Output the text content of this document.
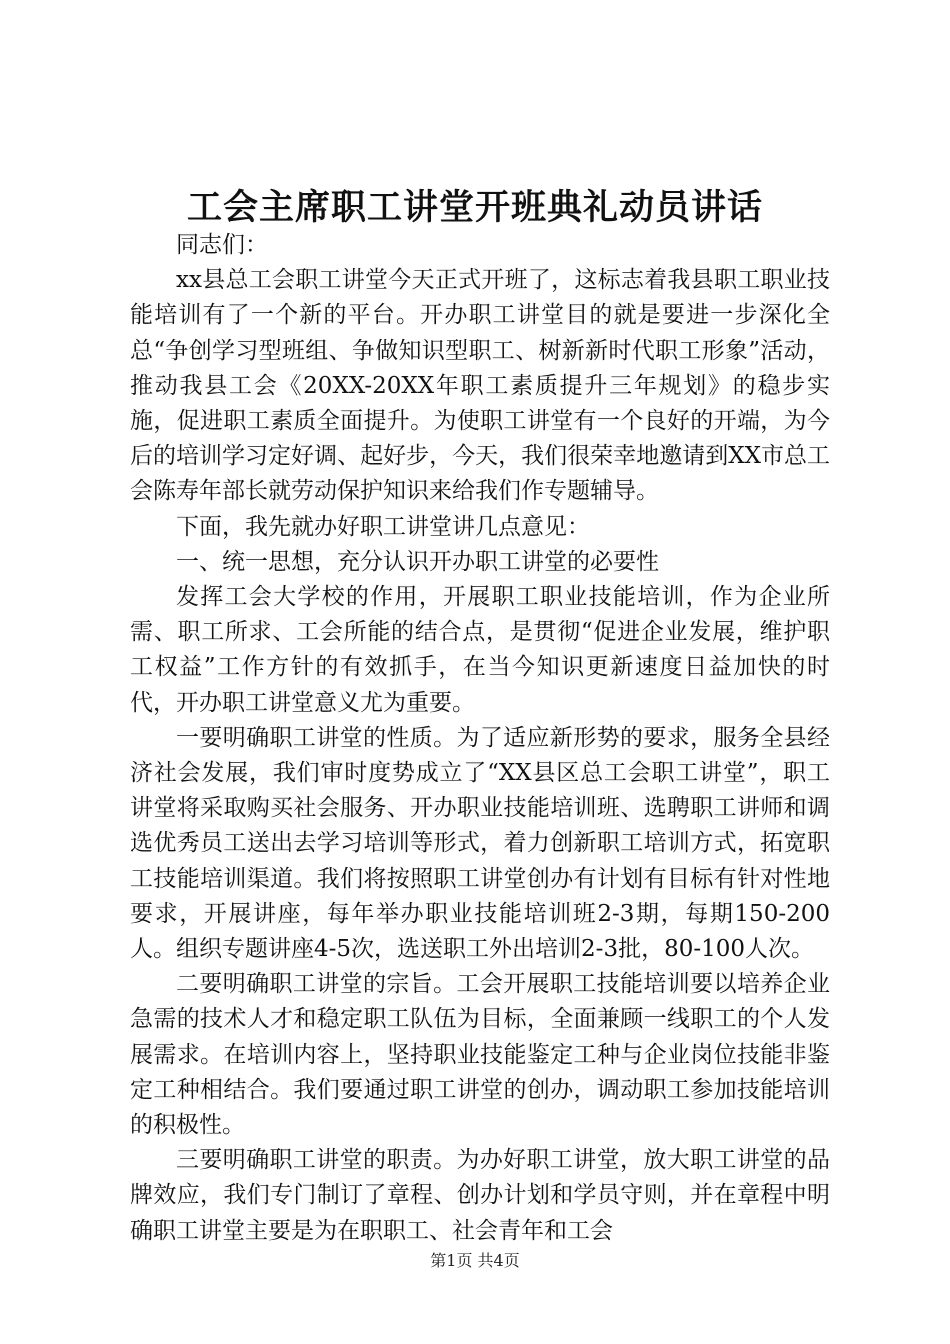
工会主席职工讲堂开班典礼动员讲话

同志们：

xx县总工会职工讲堂今天正式开班了，这标志着我县职工职业技能培训有了一个新的平台。开办职工讲堂目的就是要进一步深化全总“争创学习型班组、争做知识型职工、树新新时代职工形象”活动，推动我县工会《20XX-20XX年职工素质提升三年规划》的稳步实施，促进职工素质全面提升。为使职工讲堂有一个良好的开端，为今后的培训学习定好调、起好步，今天，我们很荣幸地邀请到XX市总工会陈寿年部长就劳动保护知识来给我们作专题辅导。

下面，我先就办好职工讲堂讲几点意见：

一、统一思想，充分认识开办职工讲堂的必要性

发挥工会大学校的作用，开展职工职业技能培训，作为企业所需、职工所求、工会所能的结合点，是贯彻“促进企业发展，维护职工权益”工作方针的有效抓手，在当今知识更新速度日益加快的时代，开办职工讲堂意义尤为重要。

一要明确职工讲堂的性质。为了适应新形势的要求，服务全县经济社会发展，我们审时度势成立了“XX县区总工会职工讲堂”，职工讲堂将采取购买社会服务、开办职业技能培训班、选聘职工讲师和调选优秀员工送出去学习培训等形式，着力创新职工培训方式，拓宽职工技能培训渠道。我们将按照职工讲堂创办有计划有目标有针对性地要求，开展讲座，每年举办职业技能培训班2-3期，每期150-200人。组织专题讲座4-5次，选送职工外出培训2-3批，80-100人次。

二要明确职工讲堂的宗旨。工会开展职工技能培训要以培养企业急需的技术人才和稳定职工队伍为目标，全面兼顾一线职工的个人发展需求。在培训内容上，坚持职业技能鉴定工种与企业岗位技能非鉴定工种相结合。我们要通过职工讲堂的创办，调动职工参加技能培训的积极性。

三要明确职工讲堂的职责。为办好职工讲堂，放大职工讲堂的品牌效应，我们专门制订了章程、创办计划和学员守则，并在章程中明确职工讲堂主要是为在职职工、社会青年和工会

第1页 共4页
